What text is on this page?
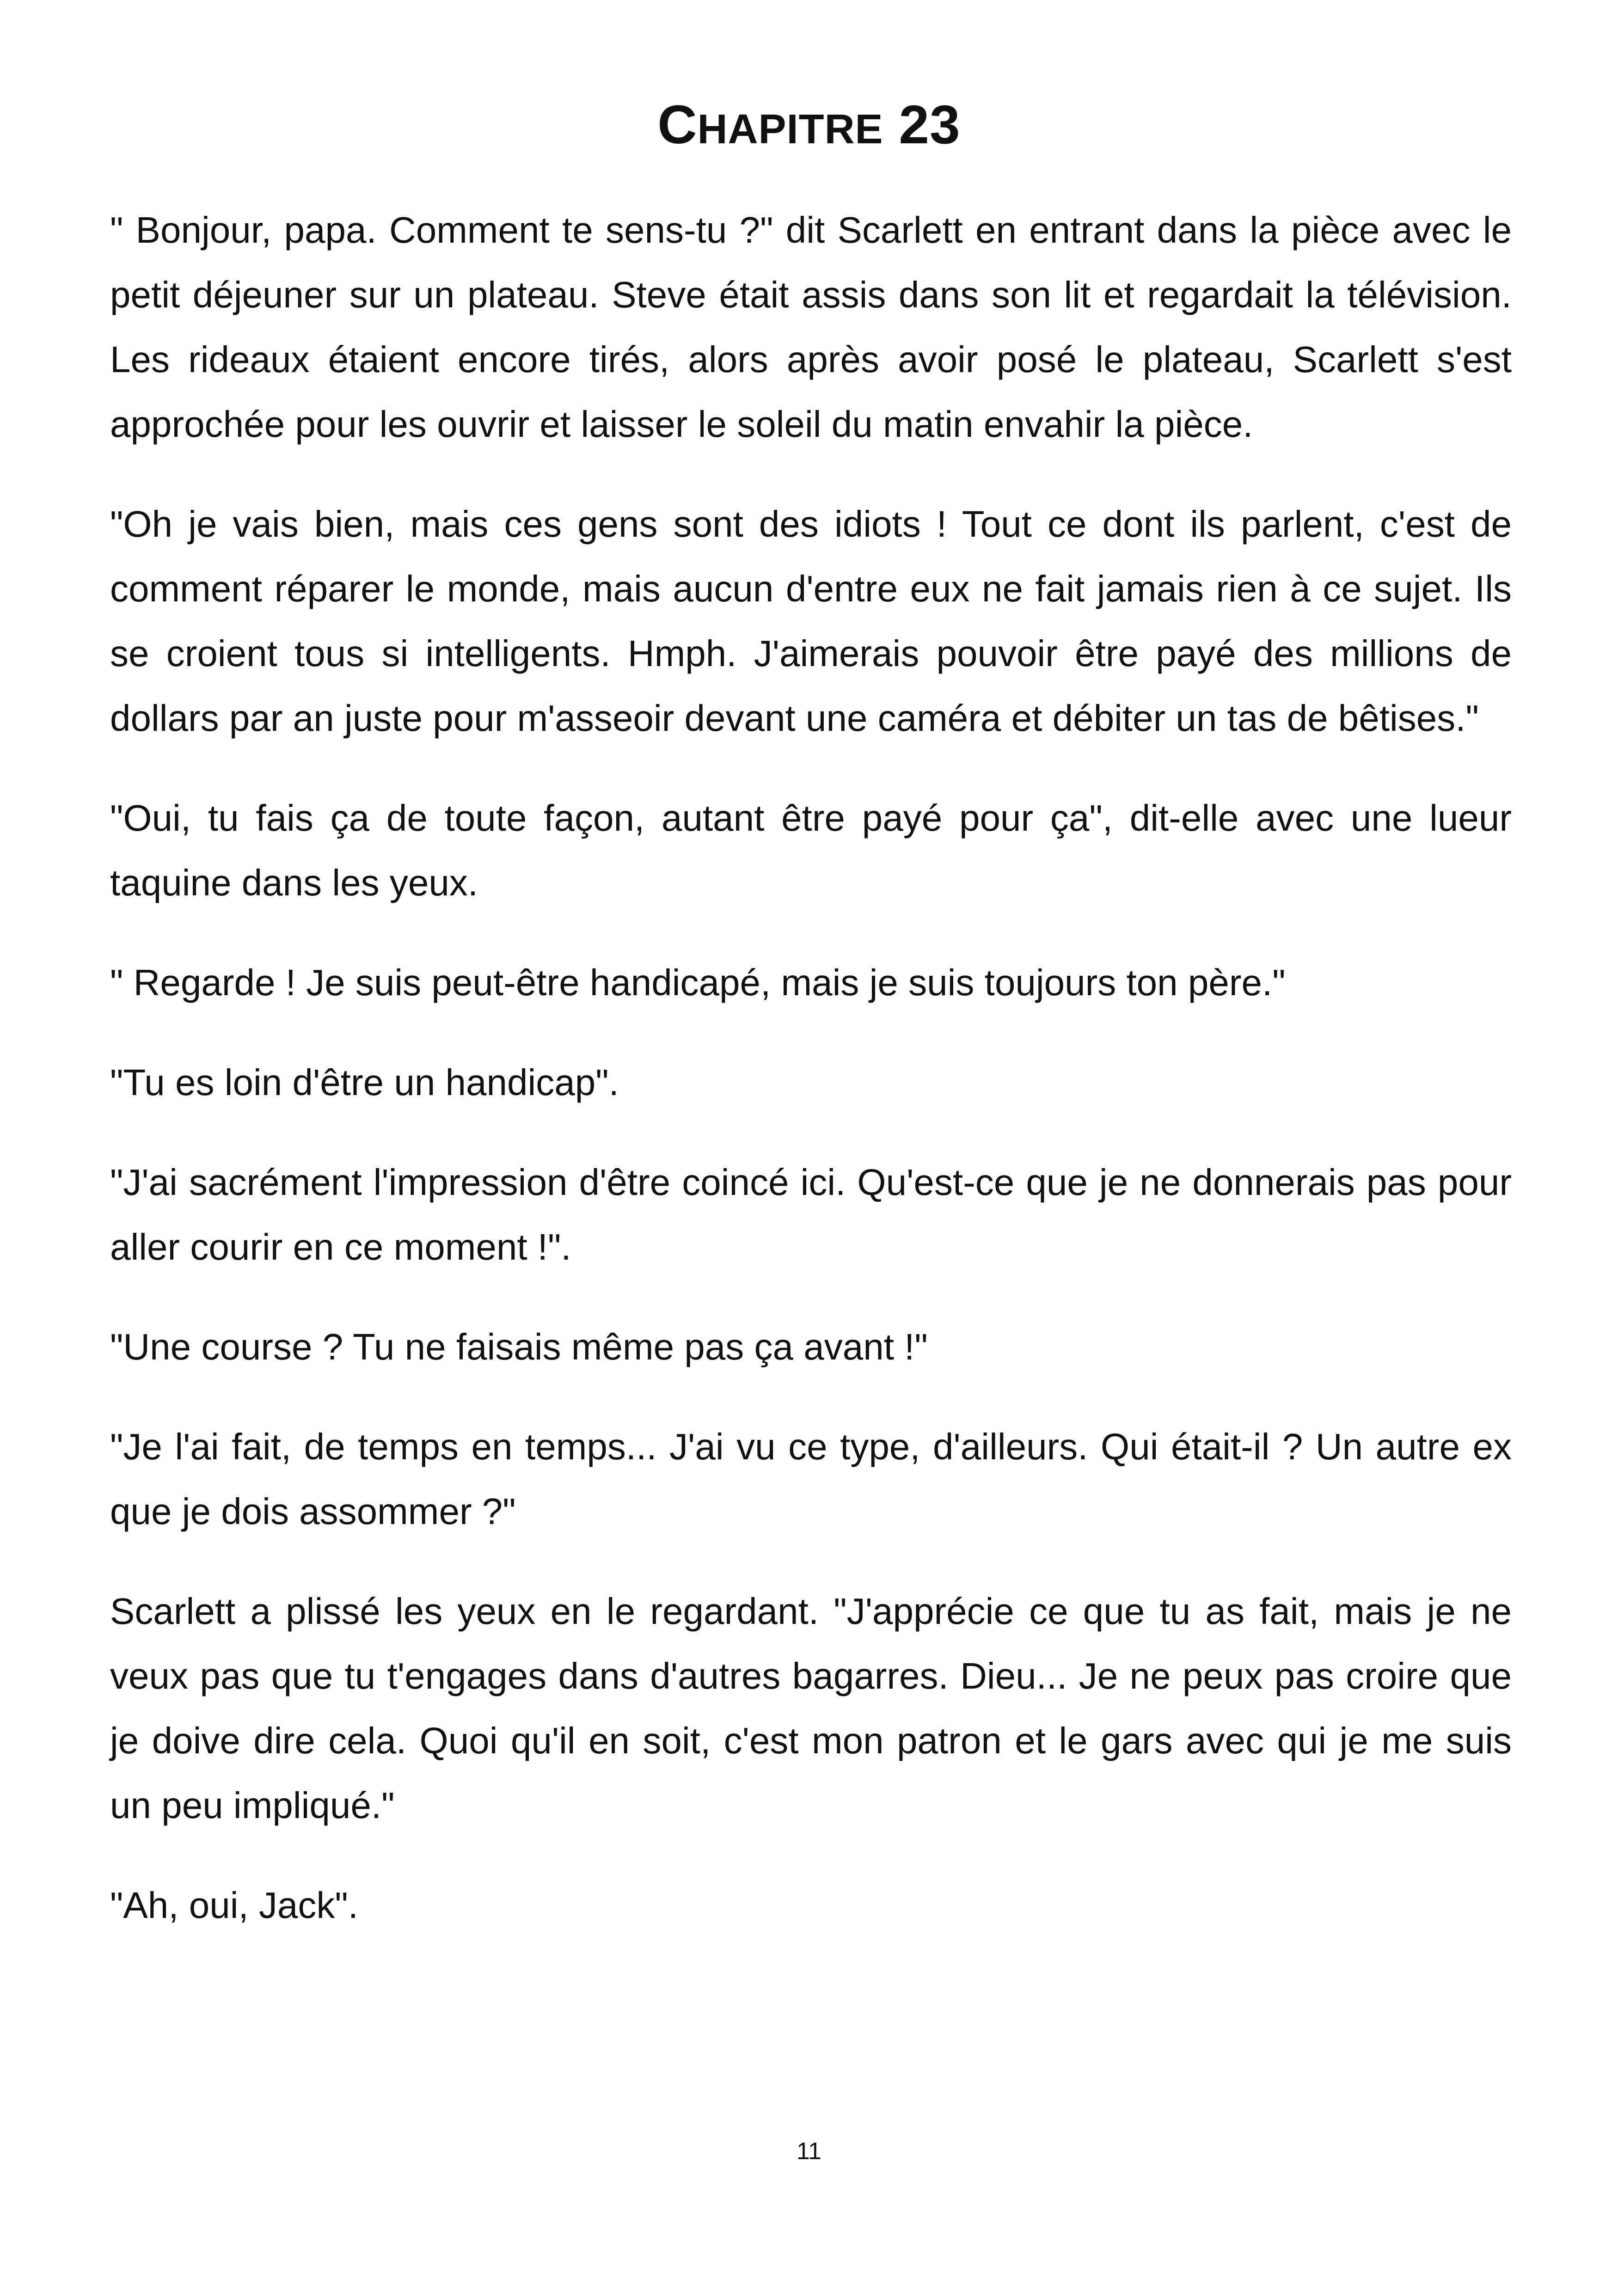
CHAPITRE 23

" Bonjour, papa. Comment te sens-tu ?" dit Scarlett en entrant dans la pièce avec le petit déjeuner sur un plateau. Steve était assis dans son lit et regardait la télévision. Les rideaux étaient encore tirés, alors après avoir posé le plateau, Scarlett s'est approchée pour les ouvrir et laisser le soleil du matin envahir la pièce.

"Oh je vais bien, mais ces gens sont des idiots ! Tout ce dont ils parlent, c'est de comment réparer le monde, mais aucun d'entre eux ne fait jamais rien à ce sujet. Ils se croient tous si intelligents. Hmph. J'aimerais pouvoir être payé des millions de dollars par an juste pour m'asseoir devant une caméra et débiter un tas de bêtises."

"Oui, tu fais ça de toute façon, autant être payé pour ça", dit-elle avec une lueur taquine dans les yeux.

" Regarde ! Je suis peut-être handicapé, mais je suis toujours ton père."

"Tu es loin d'être un handicap".

"J'ai sacrément l'impression d'être coincé ici. Qu'est-ce que je ne donnerais pas pour aller courir en ce moment !".

"Une course ? Tu ne faisais même pas ça avant !"

"Je l'ai fait, de temps en temps... J'ai vu ce type, d'ailleurs. Qui était-il ? Un autre ex que je dois assommer ?"

Scarlett a plissé les yeux en le regardant. "J'apprécie ce que tu as fait, mais je ne veux pas que tu t'engages dans d'autres bagarres. Dieu... Je ne peux pas croire que je doive dire cela. Quoi qu'il en soit, c'est mon patron et le gars avec qui je me suis un peu impliqué."

"Ah, oui, Jack".

11
